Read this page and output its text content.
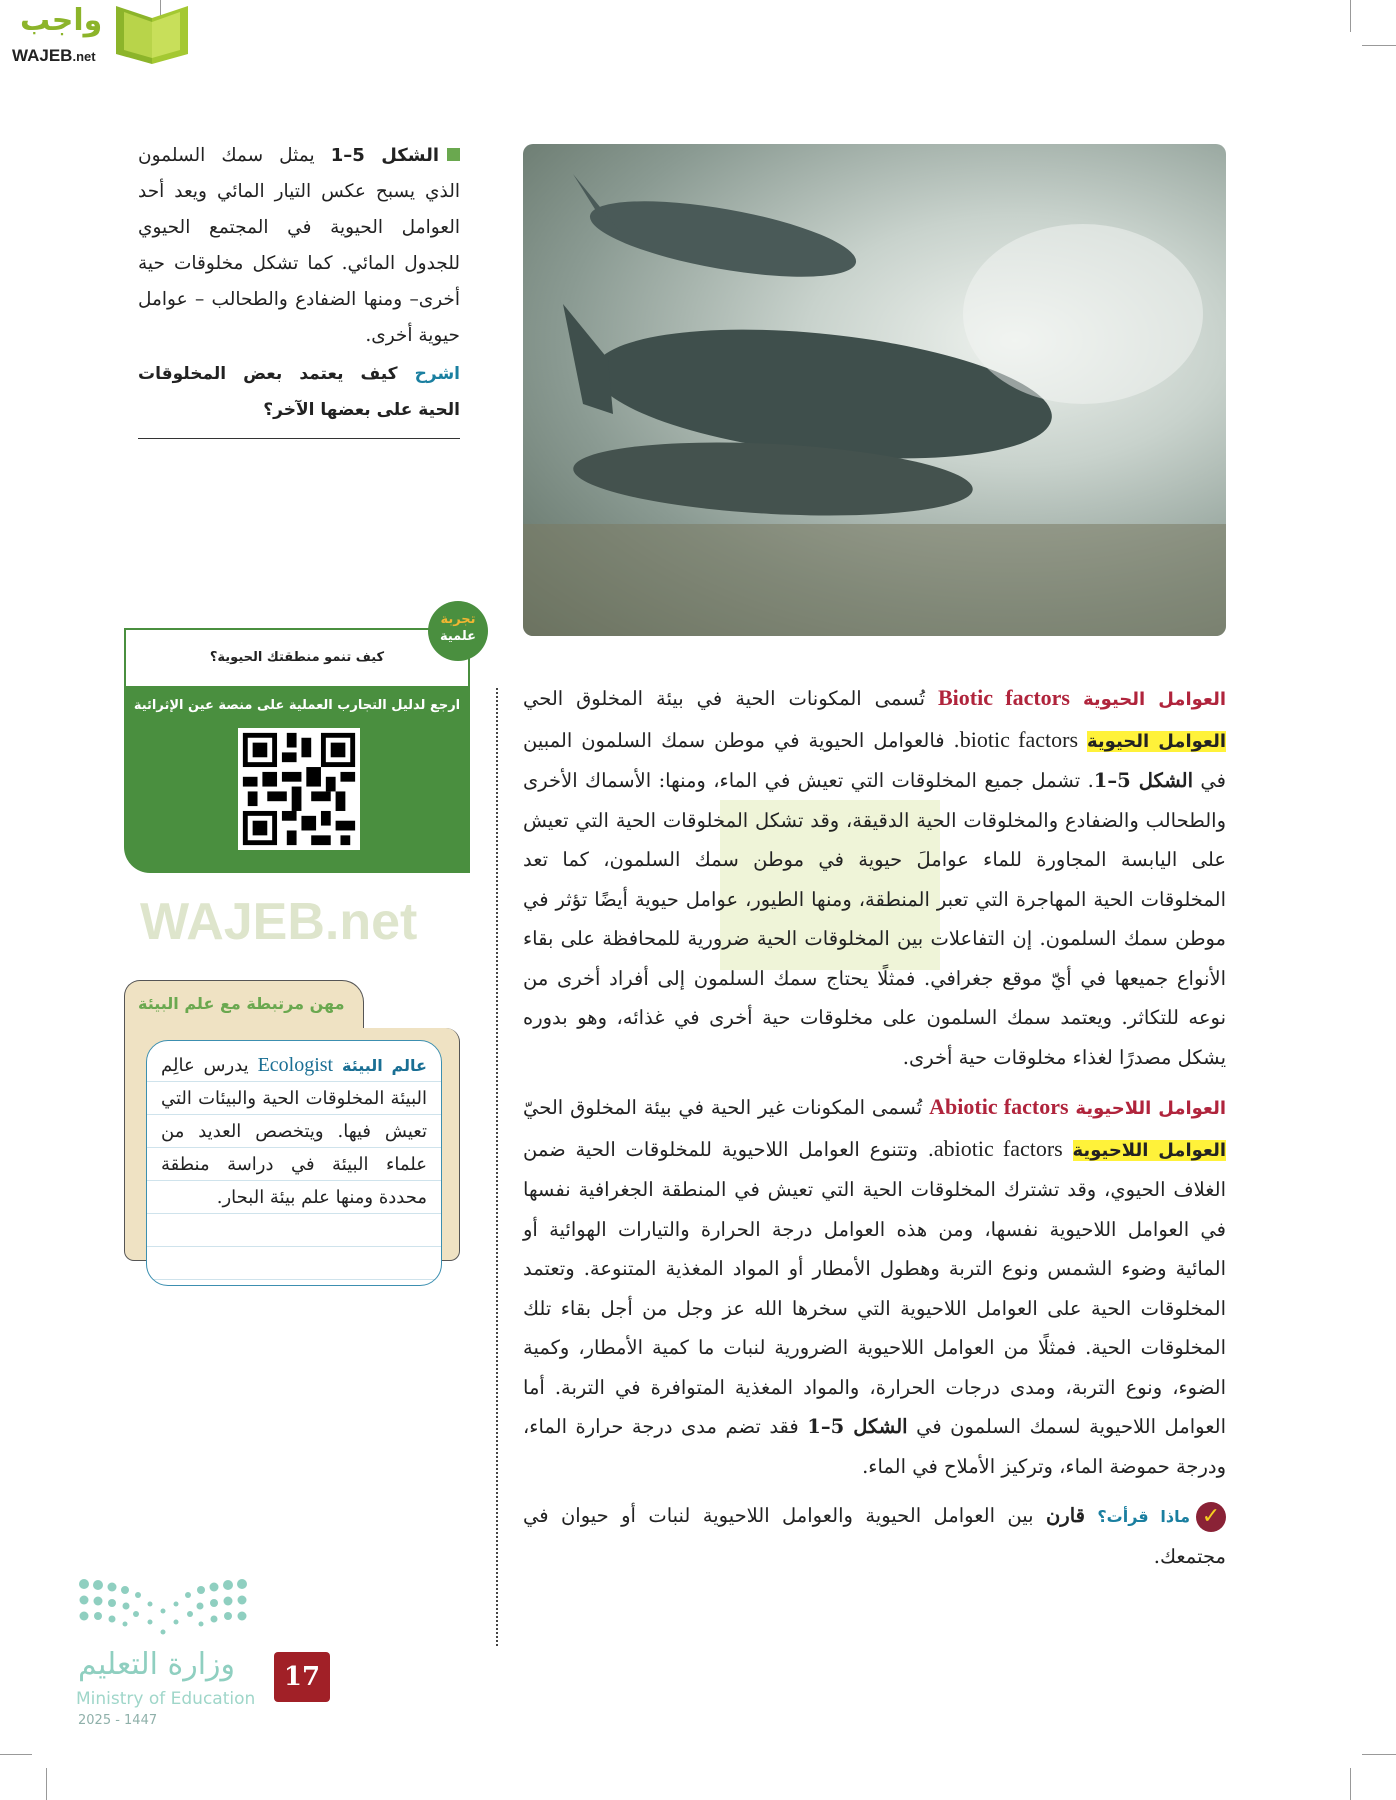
واجب
WAJEB.net
الشكل 5–1 يمثل سمك السلمون الذي يسبح عكس التيار المائي ويعد أحد العوامل الحيوية في المجتمع الحيوي للجدول المائي. كما تشكل مخلوقات حية أخرى– ومنها الضفادع والطحالب – عوامل حيوية أخرى.
اشرح كيف يعتمد بعض المخلوقات الحية على بعضها الآخر؟
كيف تنمو منطقتك الحيوية؟
ارجع لدليل التجارب العملية على منصة عين الإثرائية
تجربة
علمية
مهن مرتبطة مع علم البيئة
عالم البيئة Ecologist يدرس عالِم البيئة المخلوقات الحية والبيئات التي تعيش فيها. ويتخصص العديد من علماء البيئة في دراسة منطقة محددة ومنها علم بيئة البحار.
WAJEB.net

العوامل الحيوية Biotic factors تُسمى المكونات الحية في بيئة المخلوق الحي العوامل الحيوية biotic factors. فالعوامل الحيوية في موطن سمك السلمون المبين في الشكل 5–1. تشمل جميع المخلوقات التي تعيش في الماء، ومنها: الأسماك الأخرى والطحالب والضفادع والمخلوقات الحية الدقيقة، وقد تشكل المخلوقات الحية التي تعيش على اليابسة المجاورة للماء عواملَ حيوية في موطن سمك السلمون، كما تعد المخلوقات الحية المهاجرة التي تعبر المنطقة، ومنها الطيور، عوامل حيوية أيضًا تؤثر في موطن سمك السلمون. إن التفاعلات بين المخلوقات الحية ضرورية للمحافظة على بقاء الأنواع جميعها في أيّ موقع جغرافي. فمثلًا يحتاج سمك السلمون إلى أفراد أخرى من نوعه للتكاثر. ويعتمد سمك السلمون على مخلوقات حية أخرى في غذائه، وهو بدوره يشكل مصدرًا لغذاء مخلوقات حية أخرى.

العوامل اللاحيوية Abiotic factors تُسمى المكونات غير الحية في بيئة المخلوق الحيّ العوامل اللاحيوية abiotic factors. وتتنوع العوامل اللاحيوية للمخلوقات الحية ضمن الغلاف الحيوي، وقد تشترك المخلوقات الحية التي تعيش في المنطقة الجغرافية نفسها في العوامل اللاحيوية نفسها، ومن هذه العوامل درجة الحرارة والتيارات الهوائية أو المائية وضوء الشمس ونوع التربة وهطول الأمطار أو المواد المغذية المتنوعة. وتعتمد المخلوقات الحية على العوامل اللاحيوية التي سخرها الله عز وجل من أجل بقاء تلك المخلوقات الحية. فمثلًا من العوامل اللاحيوية الضرورية لنبات ما كمية الأمطار، وكمية الضوء، ونوع التربة، ومدى درجات الحرارة، والمواد المغذية المتوافرة في التربة. أما العوامل اللاحيوية لسمك السلمون في الشكل 5–1 فقد تضم مدى درجة حرارة الماء، ودرجة حموضة الماء، وتركيز الأملاح في الماء.

✓ماذا قرأت؟ قارن بين العوامل الحيوية والعوامل اللاحيوية لنبات أو حيوان في مجتمعك.

وزارة التعليم
Ministry of Education
2025 - 1447
17
